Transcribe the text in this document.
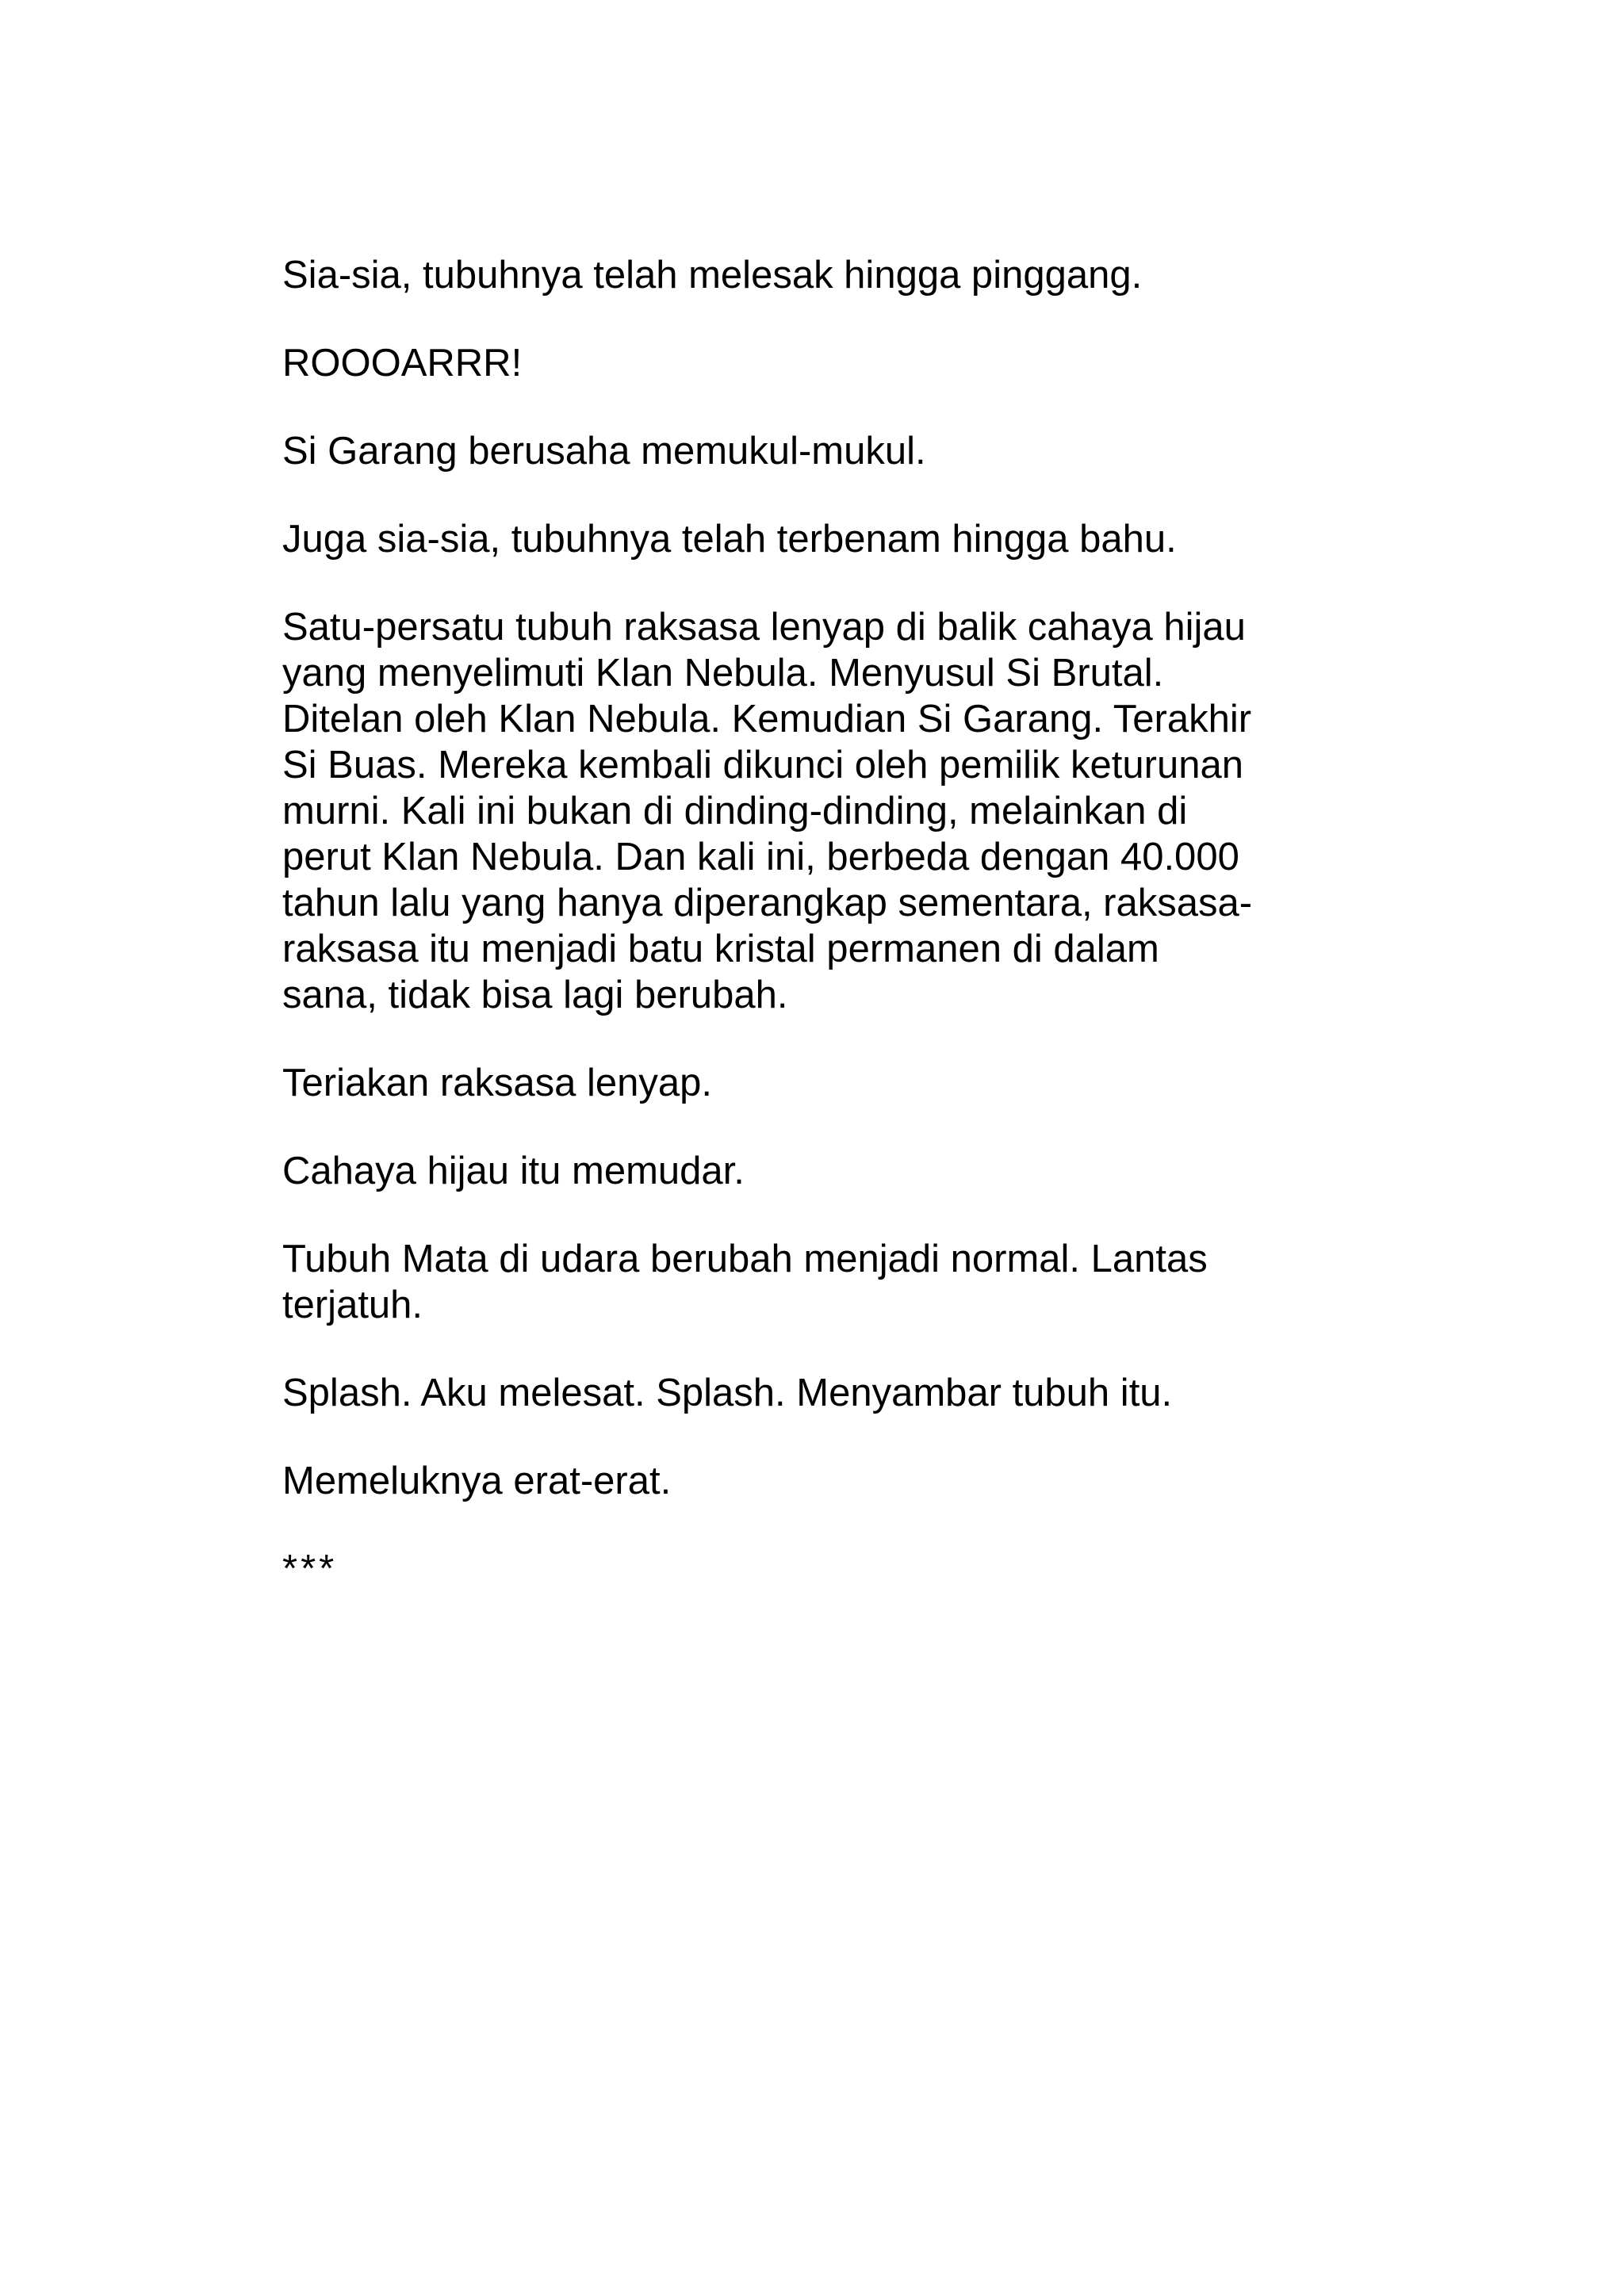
Sia-sia, tubuhnya telah melesak hingga pinggang.

ROOOARRR!

Si Garang berusaha memukul-mukul.

Juga sia-sia, tubuhnya telah terbenam hingga bahu.

Satu-persatu tubuh raksasa lenyap di balik cahaya hijau
yang menyelimuti Klan Nebula. Menyusul Si Brutal.
Ditelan oleh Klan Nebula. Kemudian Si Garang. Terakhir
Si Buas. Mereka kembali dikunci oleh pemilik keturunan
murni. Kali ini bukan di dinding-dinding, melainkan di
perut Klan Nebula. Dan kali ini, berbeda dengan 40.000
tahun lalu yang hanya diperangkap sementara, raksasa-
raksasa itu menjadi batu kristal permanen di dalam
sana, tidak bisa lagi berubah.

Teriakan raksasa lenyap.

Cahaya hijau itu memudar.

Tubuh Mata di udara berubah menjadi normal. Lantas
terjatuh.

Splash. Aku melesat. Splash. Menyambar tubuh itu.

Memeluknya erat-erat.

***
